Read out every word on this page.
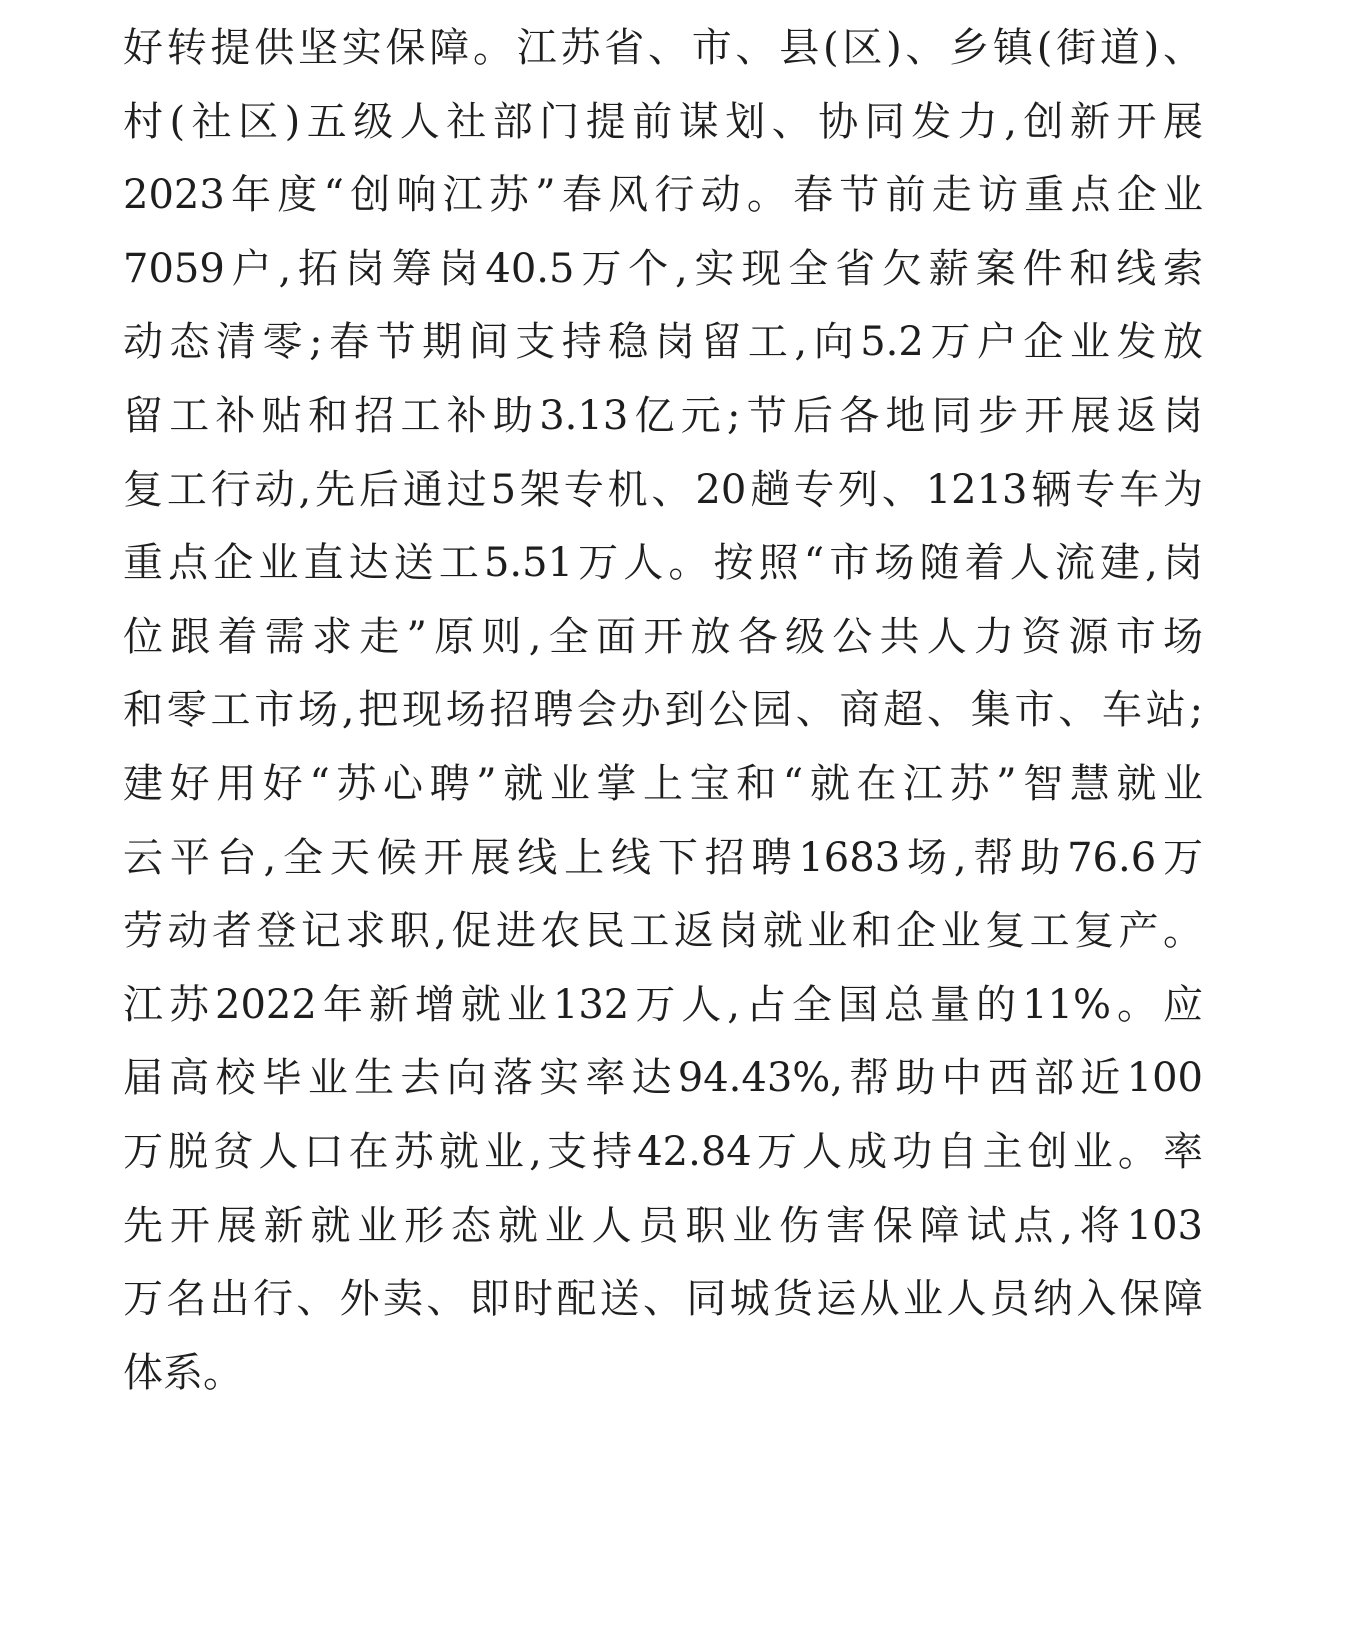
好转提供坚实保障。江苏省、市、县(区)、乡镇(街道)、
村(社区)五级人社部门提前谋划、协同发力,创新开展
2023年度“创响江苏”春风行动。春节前走访重点企业
7059户,拓岗筹岗40.5万个,实现全省欠薪案件和线索
动态清零;春节期间支持稳岗留工,向5.2万户企业发放
留工补贴和招工补助3.13亿元;节后各地同步开展返岗
复工行动,先后通过5架专机、20趟专列、1213辆专车为
重点企业直达送工5.51万人。按照“市场随着人流建,岗
位跟着需求走”原则,全面开放各级公共人力资源市场
和零工市场,把现场招聘会办到公园、商超、集市、车站;
建好用好“苏心聘”就业掌上宝和“就在江苏”智慧就业
云平台,全天候开展线上线下招聘1683场,帮助76.6万
劳动者登记求职,促进农民工返岗就业和企业复工复产。
江苏2022年新增就业132万人,占全国总量的11%。应
届高校毕业生去向落实率达94.43%,帮助中西部近100
万脱贫人口在苏就业,支持42.84万人成功自主创业。率
先开展新就业形态就业人员职业伤害保障试点,将103
万名出行、外卖、即时配送、同城货运从业人员纳入保障
体系。
